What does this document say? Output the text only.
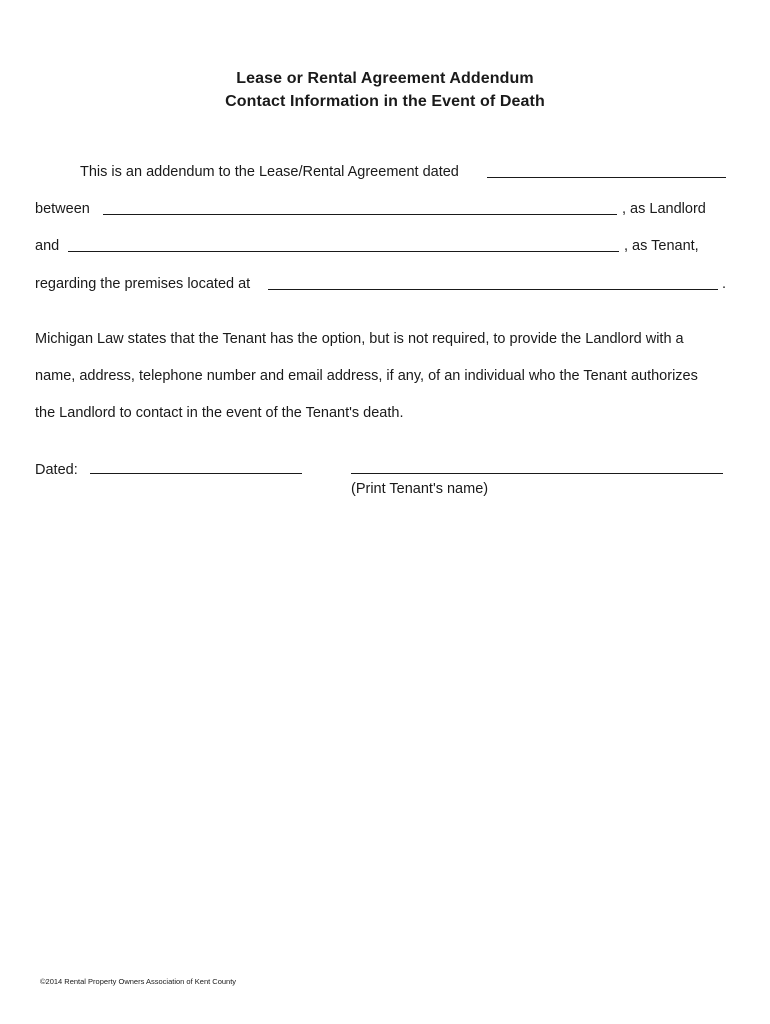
Lease or Rental Agreement Addendum
Contact Information in the Event of Death
This is an addendum to the Lease/Rental Agreement dated
between	, as Landlord
and	, as Tenant,
regarding the premises located at	.
Michigan Law states that the Tenant has the option, but is not required, to provide the Landlord with a
name, address, telephone number and email address, if any, of an individual who the Tenant authorizes
the Landlord to contact in the event of the Tenant's death.
Dated:
(Print Tenant's name)
©2014 Rental Property Owners Association of Kent County
